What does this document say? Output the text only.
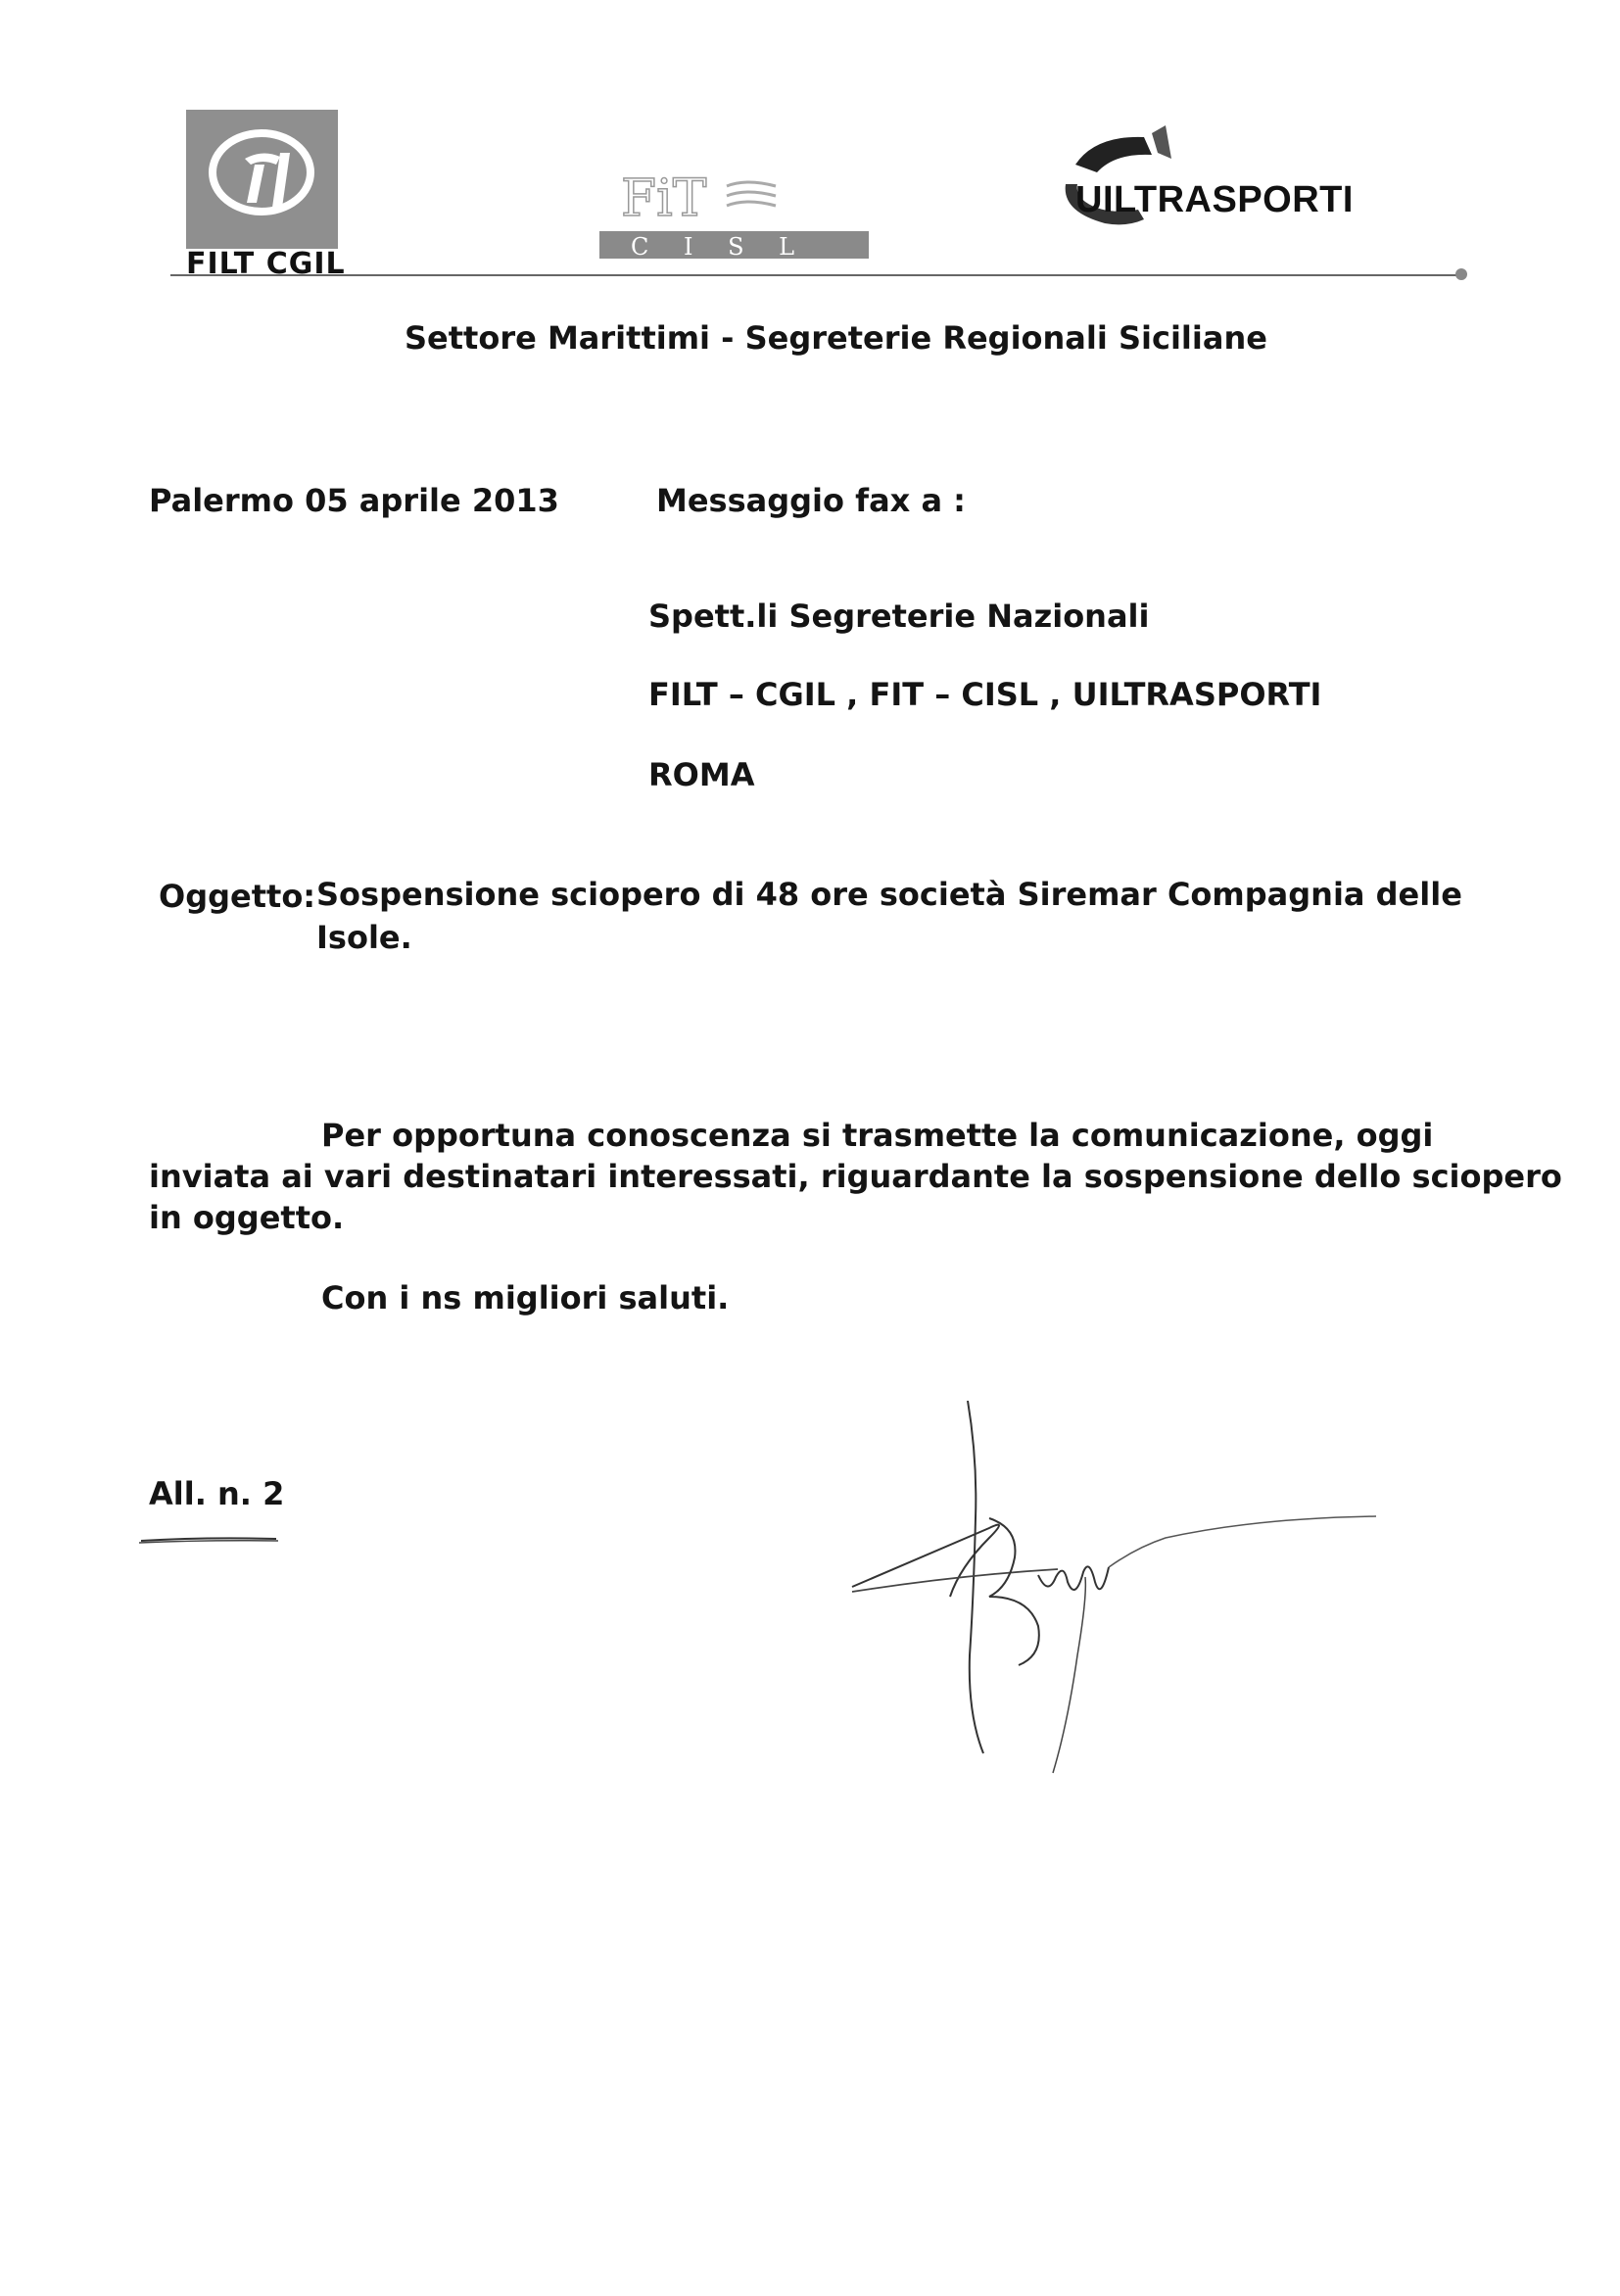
FILT CGIL
FiT
C I S L
UILTRASPORTI
Settore Marittimi - Segreterie Regionali Siciliane
Palermo 05 aprile 2013	Messaggio fax a :
Spett.li Segreterie Nazionali
FILT – CGIL , FIT – CISL , UILTRASPORTI
ROMA
Oggetto: Sospensione sciopero di 48 ore società Siremar Compagnia delle
Isole.
Per opportuna conoscenza si trasmette la comunicazione, oggi
inviata ai vari destinatari interessati, riguardante la sospensione dello sciopero
in oggetto.
Con i ns migliori saluti.
All. n. 2
